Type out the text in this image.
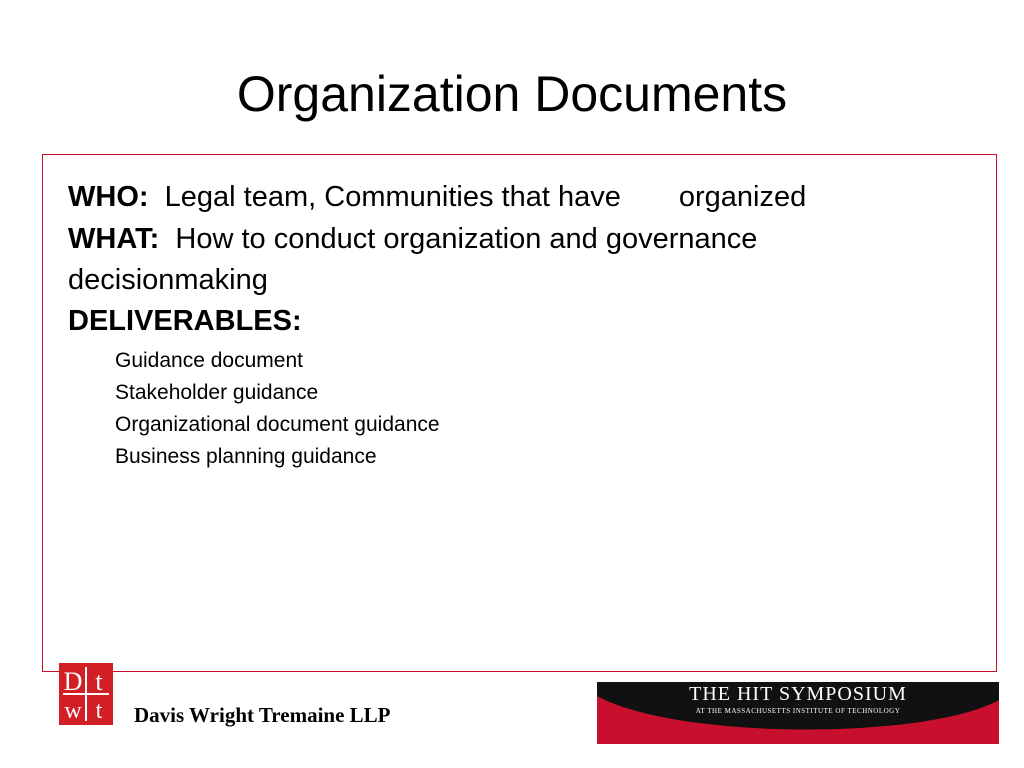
Organization Documents
WHO: Legal team, Communities that have organized
WHAT: How to conduct organization and governance
decisionmaking
DELIVERABLES:
Guidance document
Stakeholder guidance
Organizational document guidance
Business planning guidance
D t
w t Davis Wright Tremaine LLP
THE HIT SYMPOSIUM
AT THE MASSACHUSETTS INSTITUTE OF TECHNOLOGY
